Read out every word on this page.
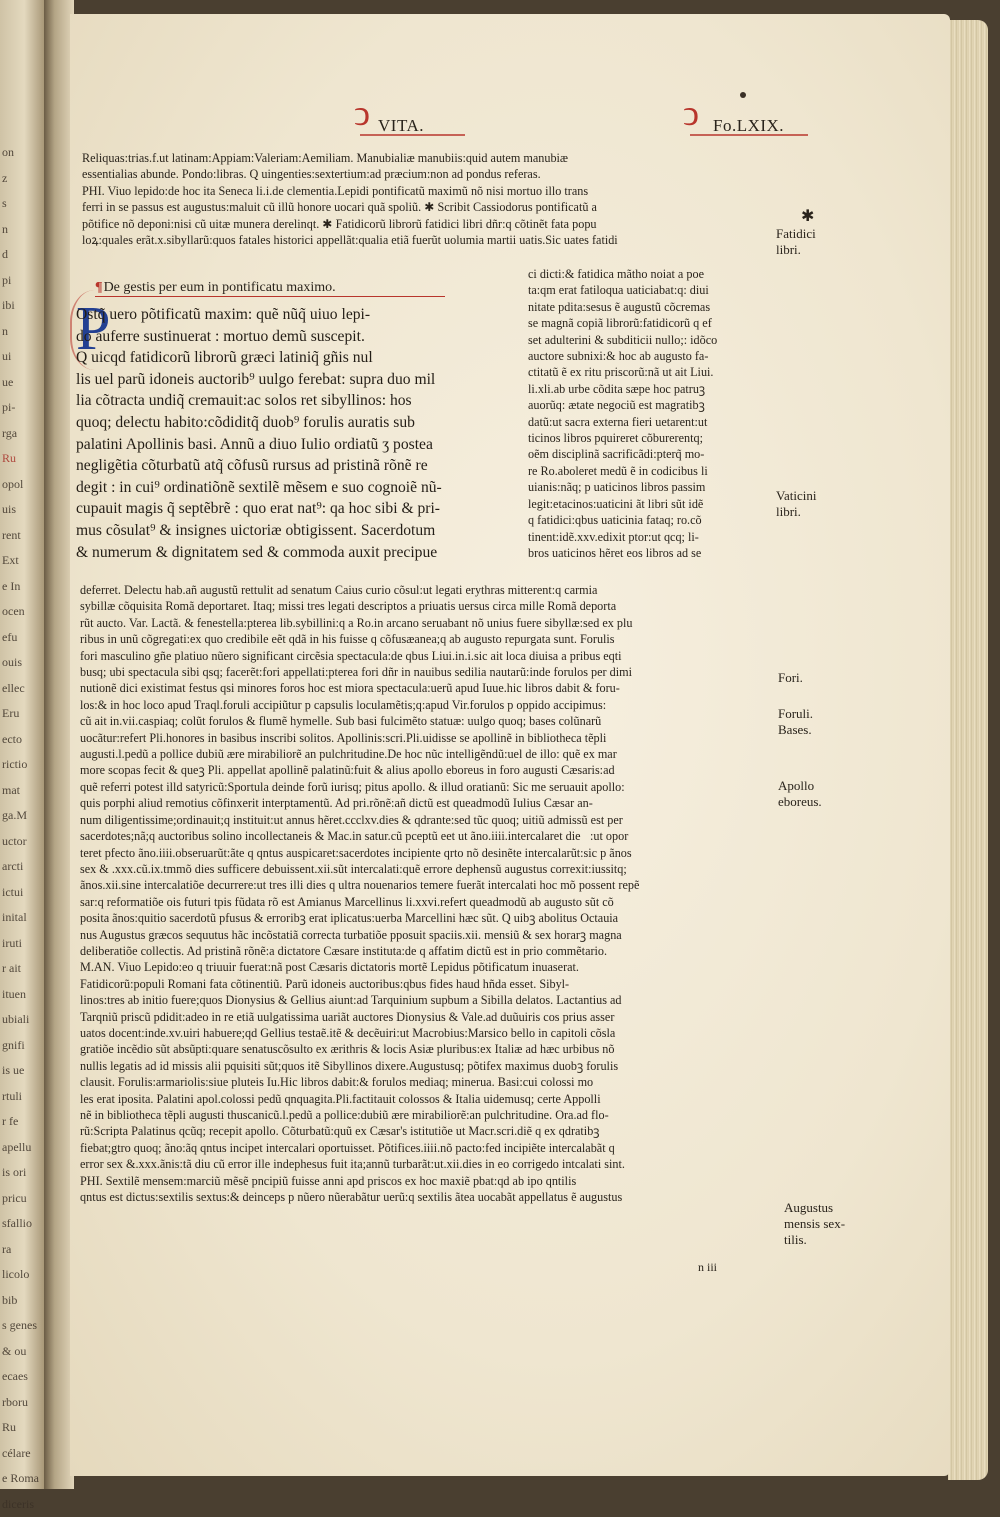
on
z
s
n
d
pi
ibi
n
ui
ue
pi-
rga
Ru
opol
uis
rent
Ext
e In
ocen
efu
ouis
ellec
Eru
ecto
rictio
mat
ga.M
uctor
arcti
ictui
inital
iruti
r ait
ituen
ubiali
gnifi
is ue
rtuli
r fe
apellu
is ori
pricu
sfallio
ra
licolo
bib
s genes
& ou
ecaes
rboru
Ru
célare
e Roma
diceris
ↄ VITA.	ↄ Fo.LXIX.
Reliquas:trias.f.ut latinam:Appiam:Valeriam:Aemiliam. Manubialiæ manubiis:quid autem manubiæ
essentialias abunde. Pondo:libras. Q uingenties:sextertium:ad præcium:non ad pondus referas.
PHI. Viuo lepido:de hoc ita Seneca li.i.de clementia.Lepidi pontificatũ maximũ nõ nisi mortuo illo trans
ferri in se passus est augustus:maluit cũ illũ honore uocari quã spoliũ. ✱ Scribit Cassiodorus pontificatũ a
põtifice nõ deponi:nisi cũ uitæ munera derelinqt. ✱ Fatidicorũ librorũ fatidici libri dñr:q cõtinẽt fata popu
loꝝ:quales erãt.x.sibyllarũ:quos fatales historici appellãt:qualia etiã fuerũt uolumia martii uatis.Sic uates fatidi
¶De gestis per eum in pontificatu maximo.
P
Ostq̃ uero põtificatũ maxim: quẽ nũq̃ uiuo lepi-
do auferre sustinuerat : mortuo demũ suscepit.
Q uicqd fatidicorũ librorũ græci latiniq̃ gñis nul
lis uel parũ idoneis auctorib⁹ uulgo ferebat: supra duo mil
lia cõtracta undiq̃ cremauit:ac solos ret sibyllinos: hos
quoq; delectu habito:cõdiditq̃ duob⁹ forulis auratis sub
palatini Apollinis basi. Annũ a diuo Iulio ordiatũ ʒ postea
negligẽtia cõturbatũ atq̃ cõfusũ rursus ad pristinã rõnẽ re
degit : in cui⁹ ordinatiõnẽ sextilẽ mẽsem e suo cognoiẽ nũ-
cupauit magis q̃ septẽbrẽ : quo erat nat⁹: qa hoc sibi & pri-
mus cõsulat⁹ & insignes uictoriæ obtigissent. Sacerdotum
& numerum & dignitatem sed & commoda auxit precipue
ci dicti:& fatidica mãtho noiat a poe
ta:qm erat fatiloqua uaticiabat:q: diui
nitate pdita:sesus ẽ augustũ cõcremas
se magnã copiã librorũ:fatidicorũ q ef
set adulterini & subditicii nullo;: idõco
auctore subnixi:& hoc ab augusto fa-
ctitatũ ẽ ex ritu priscorũ:nã ut ait Liui.
li.xli.ab urbe cõdita sæpe hoc patruꝫ
auorũq: ætate negociũ est magratibꝫ
datũ:ut sacra externa fieri uetarent:ut
ticinos libros pquireret cõburerentq;
oẽm disciplinã sacrificãdi:pterq̃ mo-
re Ro.aboleret medũ ẽ in codicibus li
uianis:nãq; p uaticinos libros passim
legit:etacinos:uaticini ãt libri sũt idẽ
q fatidici:qbus uaticinia fataq; ro.cõ
tinent:idẽ.xxv.edixit ptor:ut qcq; li-
bros uaticinos hẽret eos libros ad se
deferret. Delectu hab.añ augustũ rettulit ad senatum Caius curio cõsul:ut legati erythras mitterent:q carmia
sybillæ cõquisita Romã deportaret. Itaq; missi tres legati descriptos a priuatis uersus circa mille Romã deporta
rũt aucto. Var. Lactã. & fenestella:pterea lib.sybillini:q a Ro.in arcano seruabant nõ unius fuere sibyllæ:sed ex plu
ribus in unũ cõgregati:ex quo credibile eẽt qdã in his fuisse q cõfusæanea;q ab augusto repurgata sunt. Forulis
fori masculino gñe platiuo nũero significant circẽsia spectacula:de qbus Liui.in.i.sic ait loca diuisa a pribus eqti
busq; ubi spectacula sibi qsq; facerẽt:fori appellati:pterea fori dñr in nauibus sedilia nautarũ:inde forulos per dimi
nutionẽ dici existimat festus qsi minores foros hoc est miora spectacula:uerũ apud Iuue.hic libros dabit & foru-
los:& in hoc loco apud Traql.foruli accipiũtur p capsulis loculamẽtis;q:apud Vir.forulos p oppido accipimus:
cũ ait in.vii.caspiaq; colũt forulos & flumẽ hymelle. Sub basi fulcimẽto statuæ: uulgo quoq; bases colũnarũ
uocãtur:refert Pli.honores in basibus inscribi solitos. Apollinis:scri.Pli.uidisse se apollinẽ in bibliotheca tẽpli
augusti.l.pedũ a pollice dubiũ ære mirabiliorẽ an pulchritudine.De hoc nũc intelligẽndũ:uel de illo: quẽ ex mar
more scopas fecit & queꝫ Pli. appellat apollinẽ palatinũ:fuit & alius apollo eboreus in foro augusti Cæsaris:ad
quẽ referri potest illd satyricũ:Sportula deinde forũ iurisq; pitus apollo. & illud oratianũ: Sic me seruauit apollo:
quis porphi aliud remotius cõfinxerit interptamentũ. Ad pri.rõnẽ:añ dictũ est queadmodũ Iulius Cæsar an-
num diligentissime;ordinauit;q instituit:ut annus hẽret.ccclxv.dies & qdrante:sed tũc quoq; uitiũ admissũ est per
sacerdotes;nã;q auctoribus solino incollectaneis & Mac.in satur.cũ pceptũ eet ut ãno.iiii.intercalaret dieᷓ:ut opor
teret pfecto ãno.iiii.obseruarũt:ãte q qntus auspicaret:sacerdotes incipiente qrto nõ desinẽte intercalarũt:sic p ãnos
sex & .xxx.cũ.ix.tmmõ dies sufficere debuissent.xii.sũt intercalati:quẽ errore dephensũ augustus correxit:iussitq;
ãnos.xii.sine intercalatiõe decurrere:ut tres illi dies q ultra nouenarios temere fuerãt intercalati hoc mõ possent repẽ
sar:q reformatiõe ois futuri tpis fũdata rõ est Amianus Marcellinus li.xxvi.refert queadmodũ ab augusto sũt cõ
posita ãnos:quitio sacerdotũ pfusus & erroribꝫ erat iplicatus:uerba Marcellini hæc sũt. Q uibꝫ abolitus Octauia
nus Augustus græcos sequutus hãc incõstatiã correcta turbatiõe pposuit spaciis.xii. mensiũ & sex horarꝫ magna
deliberatiõe collectis. Ad pristinã rõnẽ:a dictatore Cæsare instituta:de q affatim dictũ est in prio commẽtario.
M.AN. Viuo Lepido:eo q triuuir fuerat:nã post Cæsaris dictatoris mortẽ Lepidus põtificatum inuaserat.
Fatidicorũ:populi Romani fata cõtinentiũ. Parũ idoneis auctoribus:qbus fides haud hñda esset. Sibyl-
linos:tres ab initio fuere;quos Dionysius & Gellius aiunt:ad Tarquinium supbum a Sibilla delatos. Lactantius ad
Tarqniũ priscũ pdidit:adeo in re etiã uulgatissima uariãt auctores Dionysius & Vale.ad duũuiris cos prius asser
uatos docent:inde.xv.uiri habuere;qd Gellius testaẽ.itẽ & decẽuiri:ut Macrobius:Marsico bello in capitoli cõsla
gratiõe incẽdio sũt absũpti:quare senatuscõsulto ex ærithris & locis Asiæ pluribus:ex Italiæ ad hæc urbibus nõ
nullis legatis ad id missis alii pquisiti sũt;quos itẽ Sibyllinos dixere.Augustusq; põtifex maximus duobꝫ forulis
clausit. Forulis:armariolis:siue pluteis Iu.Hic libros dabit:& forulos mediaq; minerua. Basi:cui colossi mo
les erat iposita. Palatini apol.colossi pedũ qnquagita.Pli.factitauit colossos & Italia uidemusq; certe Appolli
nẽ in bibliotheca tẽpli augusti thuscanicũ.l.pedũ a pollice:dubiũ ære mirabiliorẽ:an pulchritudine. Ora.ad flo-
rũ:Scripta Palatinus qcũq; recepit apollo. Cõturbatũ:quũ ex Cæsar's istitutiõe ut Macr.scri.diẽ q ex qdratibꝫ
fiebat;gtro quoq; ãno:ãq qntus incipet intercalari oportuisset. Põtifices.iiii.nõ pacto:fed incipiẽte intercalabãt q
error sex &.xxx.ãnis:tã diu cũ error ille indephesus fuit ita;annũ turbarãt:ut.xii.dies in eo corrigedo intcalati sint.
PHI. Sextilẽ mensem:marciũ mẽsẽ pncipiũ fuisse anni apd priscos ex hoc maxiẽ pbat:qd ab ipo qntilis
qntus est dictus:sextilis sextus:& deinceps p nũero nũerabãtur uerũ:q sextilis ãtea uocabãt appellatus ẽ augustus
✱
Fatidici libri.
Vaticini libri.
Fori.
Foruli.
Bases.
Apollo eboreus.
Augustus mensis sex-tilis.
n iii
